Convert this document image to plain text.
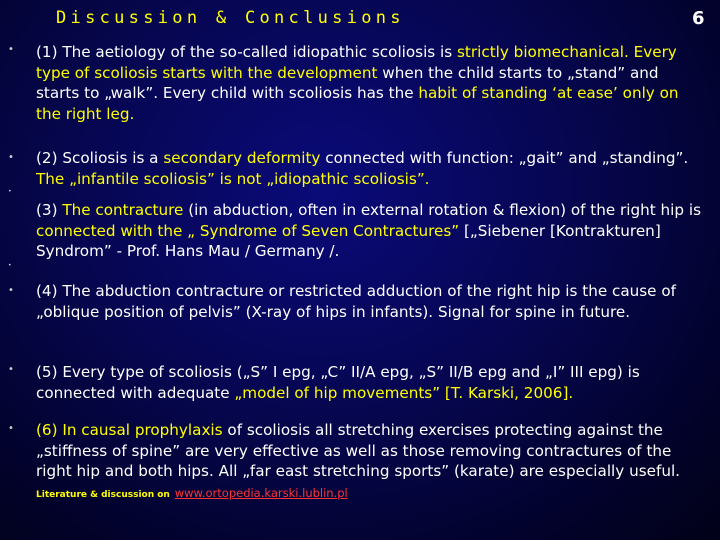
Discussion & Conclusions	6
•
•
•
•
•
•
•
(1) The aetiology of the so-called idiopathic scoliosis is strictly biomechanical. Every type of scoliosis starts with the development when the child starts to „stand” and starts to „walk”. Every child with scoliosis has the habit of standing ‘at ease’ only on the right leg.
(2) Scoliosis is a secondary deformity connected with function: „gait” and „standing”. The „infantile scoliosis” is not „idiopathic scoliosis”.
(3) The contracture (in abduction, often in external rotation & flexion) of the right hip is connected with the „ Syndrome of Seven Contractures” [„Siebener [Kontrakturen] Syndrom” - Prof. Hans Mau / Germany /.
(4) The abduction contracture or restricted adduction of the right hip is the cause of „oblique position of pelvis” (X-ray of hips in infants). Signal for spine in future.
(5) Every type of scoliosis („S” I epg, „C” II/A epg, „S” II/B epg and „I” III epg) is connected with adequate „model of hip movements” [T. Karski, 2006].
(6) In causal prophylaxis of scoliosis all stretching exercises protecting against the „stiffness of spine” are very effective as well as those removing contractures of the right hip and both hips. All „far east stretching sports” (karate) are especially useful. Literature & discussion on www.ortopedia.karski.lublin.pl
